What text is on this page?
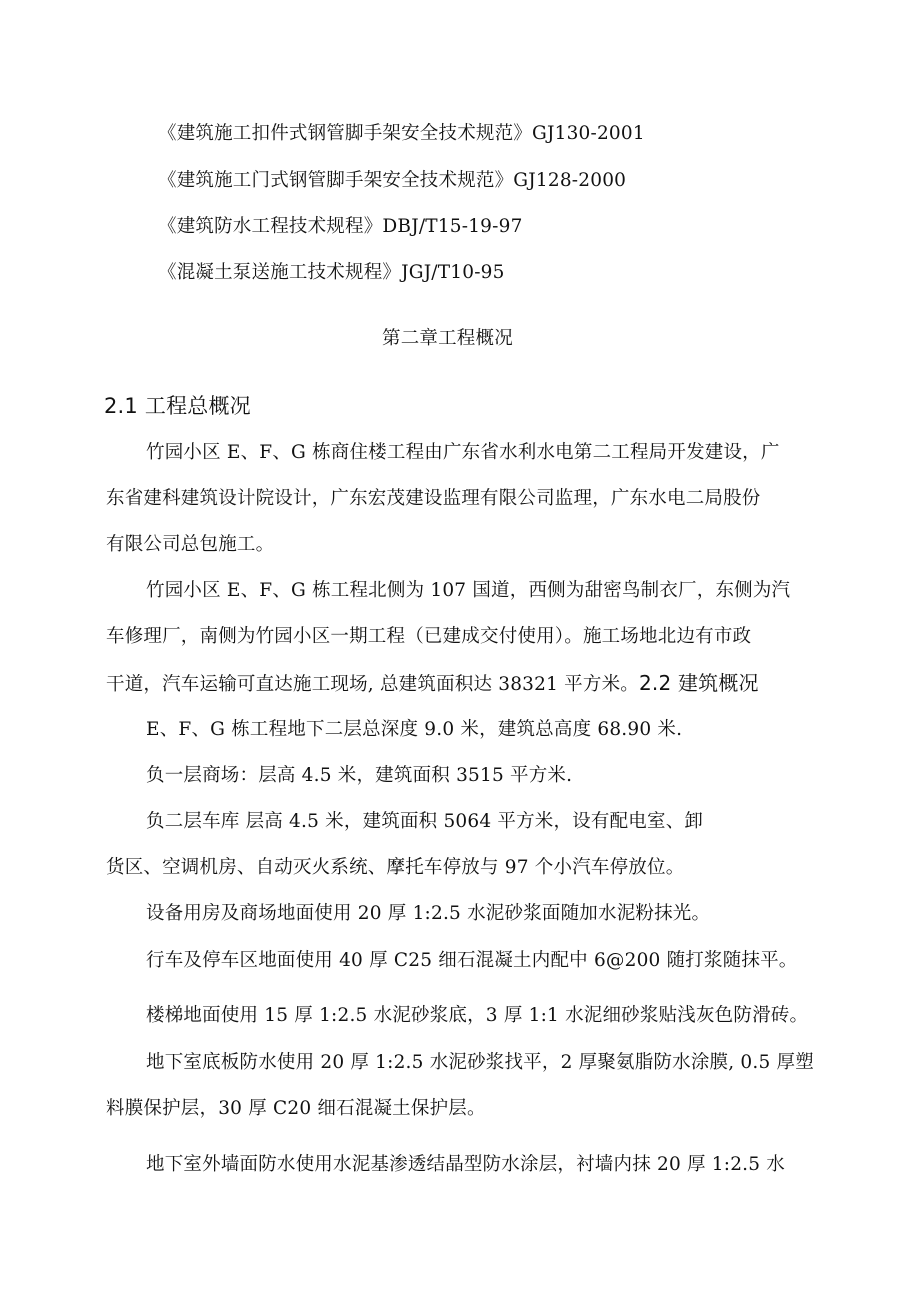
《建筑施工扣件式钢管脚手架安全技术规范》GJ130-2001
《建筑施工门式钢管脚手架安全技术规范》GJ128-2000
《建筑防水工程技术规程》DBJ/T15-19-97
《混凝土泵送施工技术规程》JGJ/T10-95
第二章工程概况
2.1 工程总概况
竹园小区 E、F、G 栋商住楼工程由广东省水利水电第二工程局开发建设，广
东省建科建筑设计院设计，广东宏茂建设监理有限公司监理，广东水电二局股份
有限公司总包施工。
竹园小区 E、F、G 栋工程北侧为 107 国道，西侧为甜密鸟制衣厂，东侧为汽
车修理厂，南侧为竹园小区一期工程（已建成交付使用）。施工场地北边有市政
干道，汽车运输可直达施工现场, 总建筑面积达 38321 平方米。2.2 建筑概况
E、F、G 栋工程地下二层总深度 9.0 米，建筑总高度 68.90 米.
负一层商场：层高 4.5 米，建筑面积 3515 平方米.
负二层车库 层高 4.5 米，建筑面积 5064 平方米，设有配电室、卸
货区、空调机房、自动灭火系统、摩托车停放与 97 个小汽车停放位。
设备用房及商场地面使用 20 厚 1:2.5 水泥砂浆面随加水泥粉抹光。
行车及停车区地面使用 40 厚 C25 细石混凝土内配中 6@200 随打浆随抹平。
楼梯地面使用 15 厚 1:2.5 水泥砂浆底，3 厚 1:1 水泥细砂浆贴浅灰色防滑砖。
地下室底板防水使用 20 厚 1:2.5 水泥砂浆找平，2 厚聚氨脂防水涂膜, 0.5 厚塑
料膜保护层，30 厚 C20 细石混凝土保护层。
地下室外墙面防水使用水泥基渗透结晶型防水涂层，衬墙内抹 20 厚 1:2.5 水
